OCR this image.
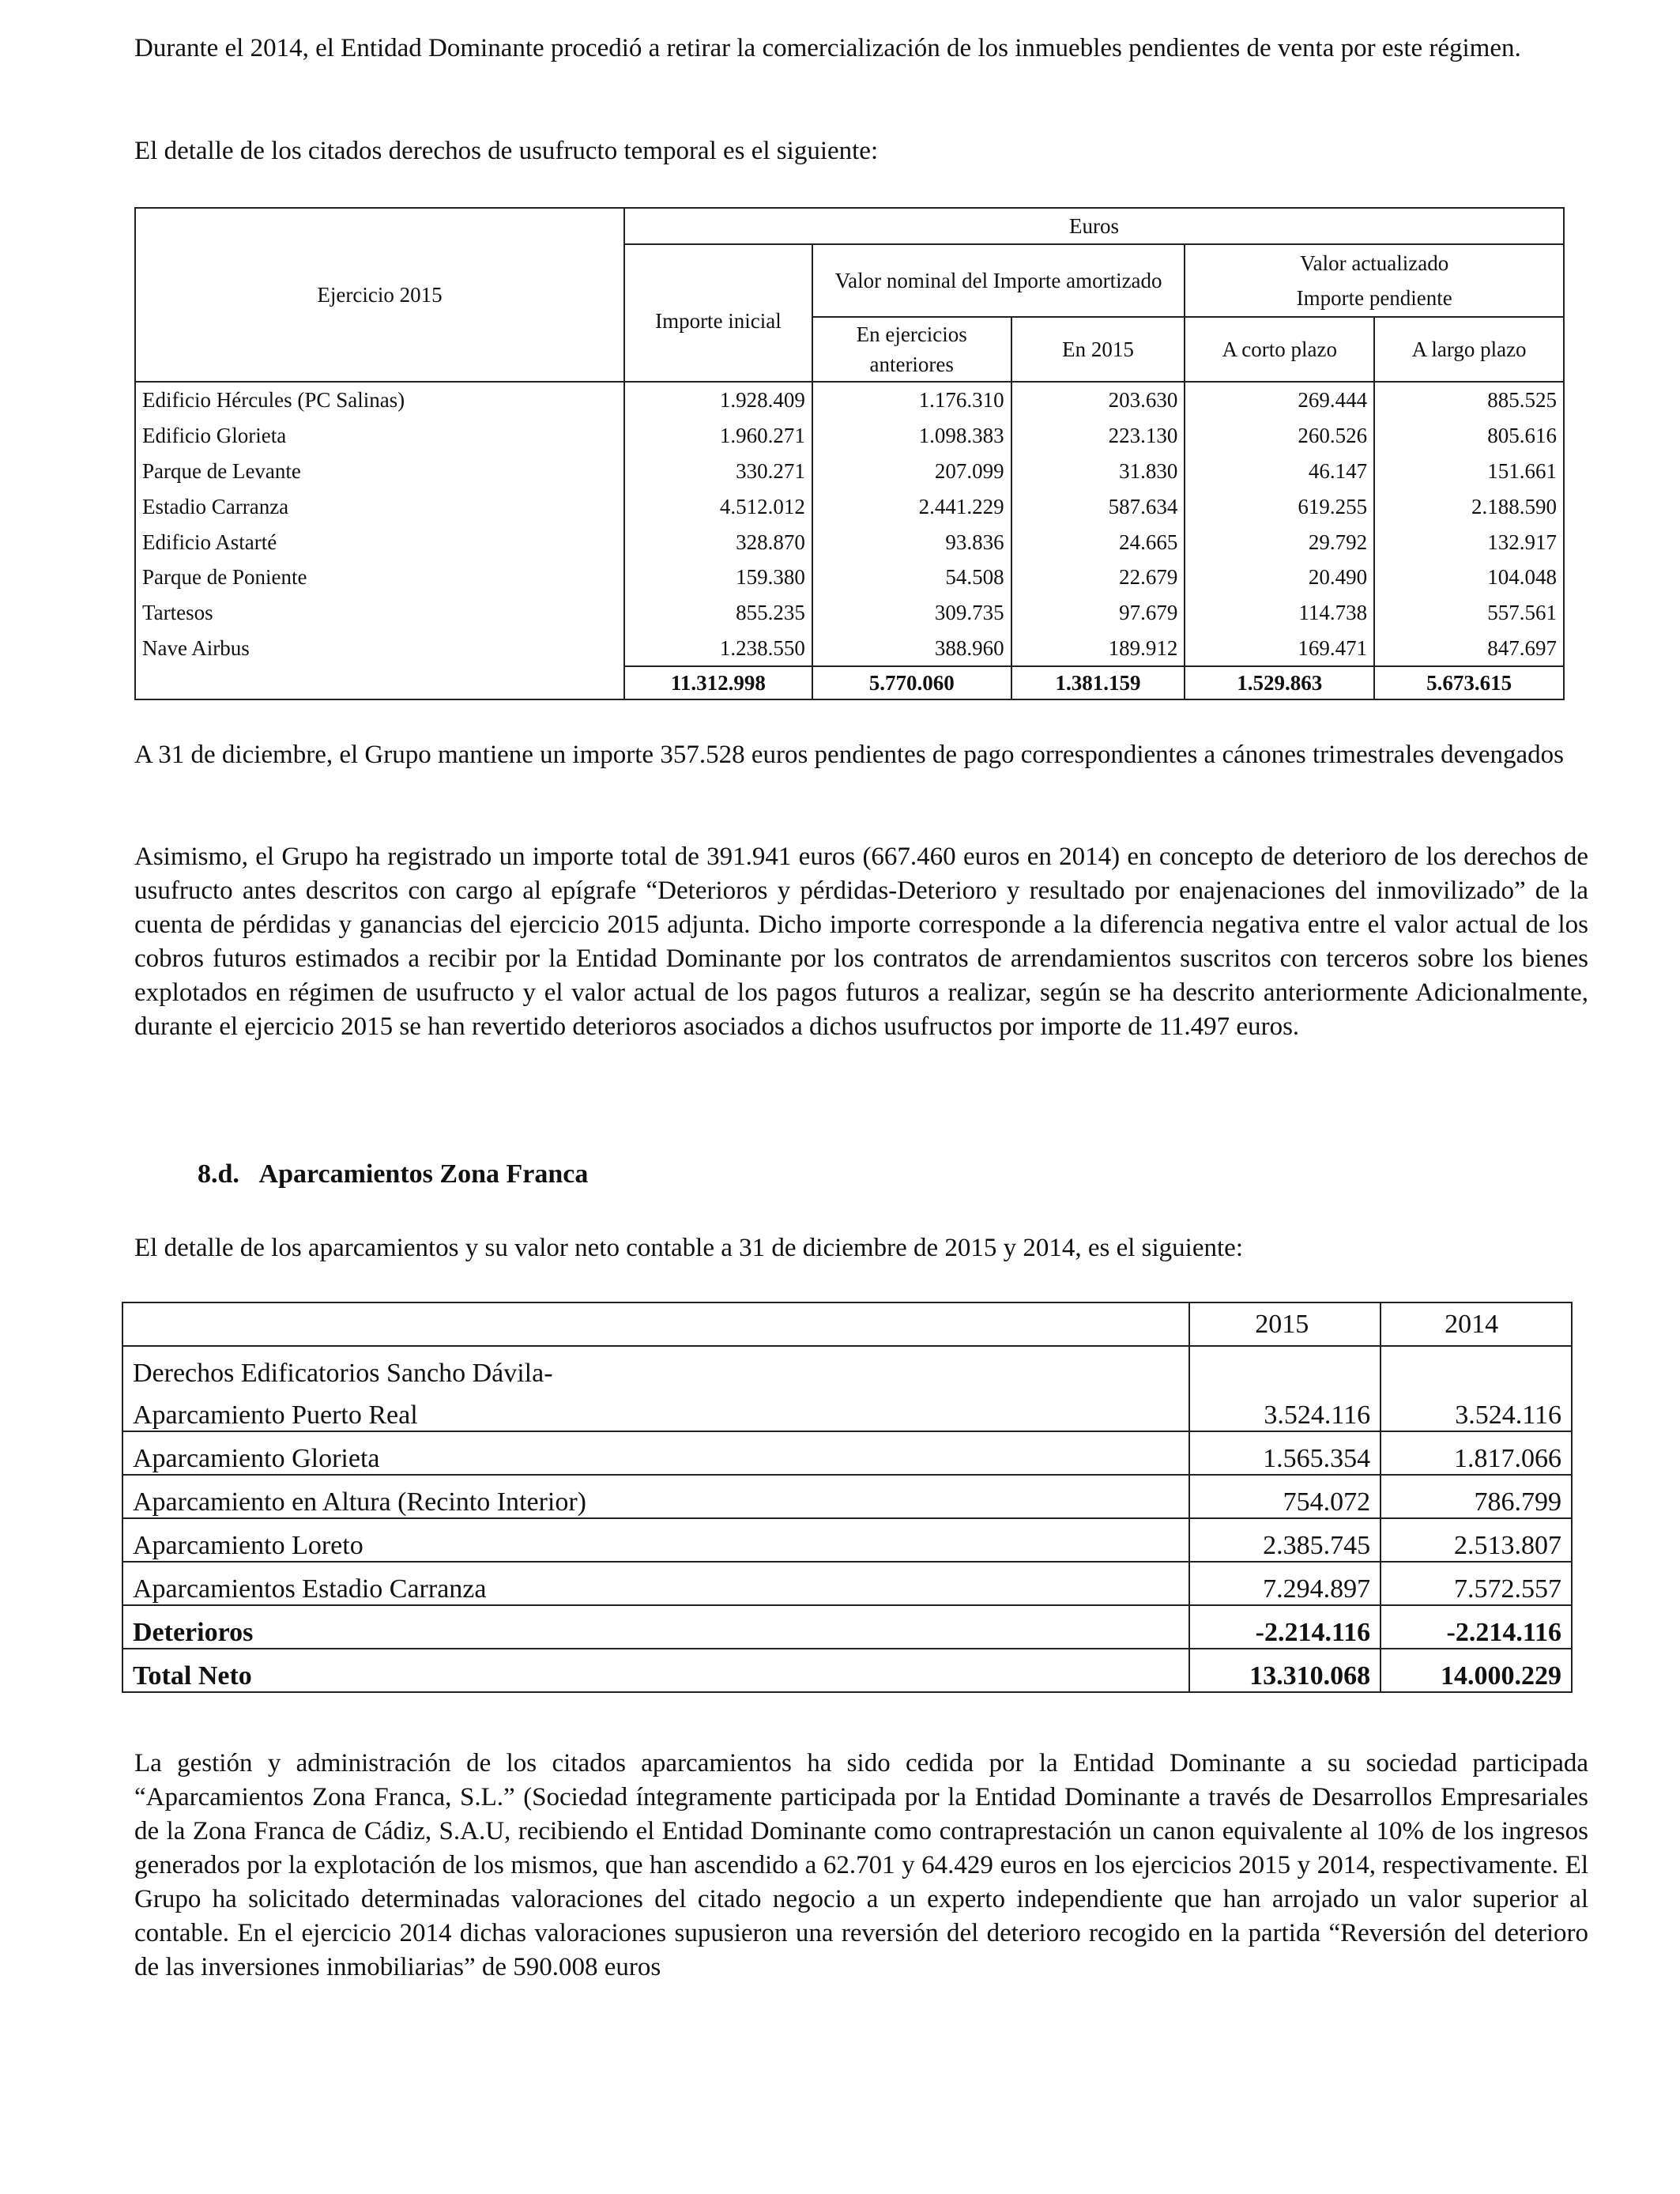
Durante el 2014, el Entidad Dominante procedió a retirar la comercialización de los inmuebles pendientes de venta por este régimen.

El detalle de los citados derechos de usufructo temporal es el siguiente:

Ejercicio 2015	Euros				
	Importe inicial	Valor nominal del Importe amortizado		Valor actualizado
Importe pendiente	

		En ejercicios
anteriores	En 2015	A corto plazo	A largo plazo
Edificio Hércules (PC Salinas)	1.928.409	1.176.310	203.630	269.444	885.525
Edificio Glorieta	1.960.271	1.098.383	223.130	260.526	805.616
Parque de Levante	330.271	207.099	31.830	46.147	151.661
Estadio Carranza	4.512.012	2.441.229	587.634	619.255	2.188.590
Edificio Astarté	328.870	93.836	24.665	29.792	132.917
Parque de Poniente	159.380	54.508	22.679	20.490	104.048
Tartesos	855.235	309.735	97.679	114.738	557.561
Nave Airbus	1.238.550	388.960	189.912	169.471	847.697
	11.312.998	5.770.060	1.381.159	1.529.863	5.673.615

A 31 de diciembre, el Grupo mantiene un importe 357.528 euros pendientes de pago correspondientes a cánones trimestrales devengados

Asimismo, el Grupo ha registrado un importe total de 391.941 euros (667.460 euros en 2014) en concepto de deterioro de los derechos de usufructo antes descritos con cargo al epígrafe “Deterioros y pérdidas-Deterioro y resultado por enajenaciones del inmovilizado” de la cuenta de pérdidas y ganancias del ejercicio 2015 adjunta. Dicho importe corresponde a la diferencia negativa entre el valor actual de los cobros futuros estimados a recibir por la Entidad Dominante por los contratos de arrendamientos suscritos con terceros sobre los bienes explotados en régimen de usufructo y el valor actual de los pagos futuros a realizar, según se ha descrito anteriormente Adicionalmente, durante el ejercicio 2015 se han revertido deterioros asociados a dichos usufructos por importe de 11.497 euros.

8.d. Aparcamientos Zona Franca

El detalle de los aparcamientos y su valor neto contable a 31 de diciembre de 2015 y 2014, es el siguiente:

	2015	2014
Derechos Edificatorios Sancho Dávila-		
Aparcamiento Puerto Real	3.524.116	3.524.116
Aparcamiento Glorieta	1.565.354	1.817.066
Aparcamiento en Altura (Recinto Interior)	754.072	786.799
Aparcamiento Loreto	2.385.745	2.513.807
Aparcamientos Estadio Carranza	7.294.897	7.572.557
Deterioros	-2.214.116	-2.214.116
Total Neto	13.310.068	14.000.229

La gestión y administración de los citados aparcamientos ha sido cedida por la Entidad Dominante a su sociedad participada “Aparcamientos Zona Franca, S.L.” (Sociedad íntegramente participada por la Entidad Dominante a través de Desarrollos Empresariales de la Zona Franca de Cádiz, S.A.U, recibiendo el Entidad Dominante como contraprestación un canon equivalente al 10% de los ingresos generados por la explotación de los mismos, que han ascendido a 62.701 y 64.429 euros en los ejercicios 2015 y 2014, respectivamente. El Grupo ha solicitado determinadas valoraciones del citado negocio a un experto independiente que han arrojado un valor superior al contable. En el ejercicio 2014 dichas valoraciones supusieron una reversión del deterioro recogido en la partida “Reversión del deterioro de las inversiones inmobiliarias” de 590.008 euros
